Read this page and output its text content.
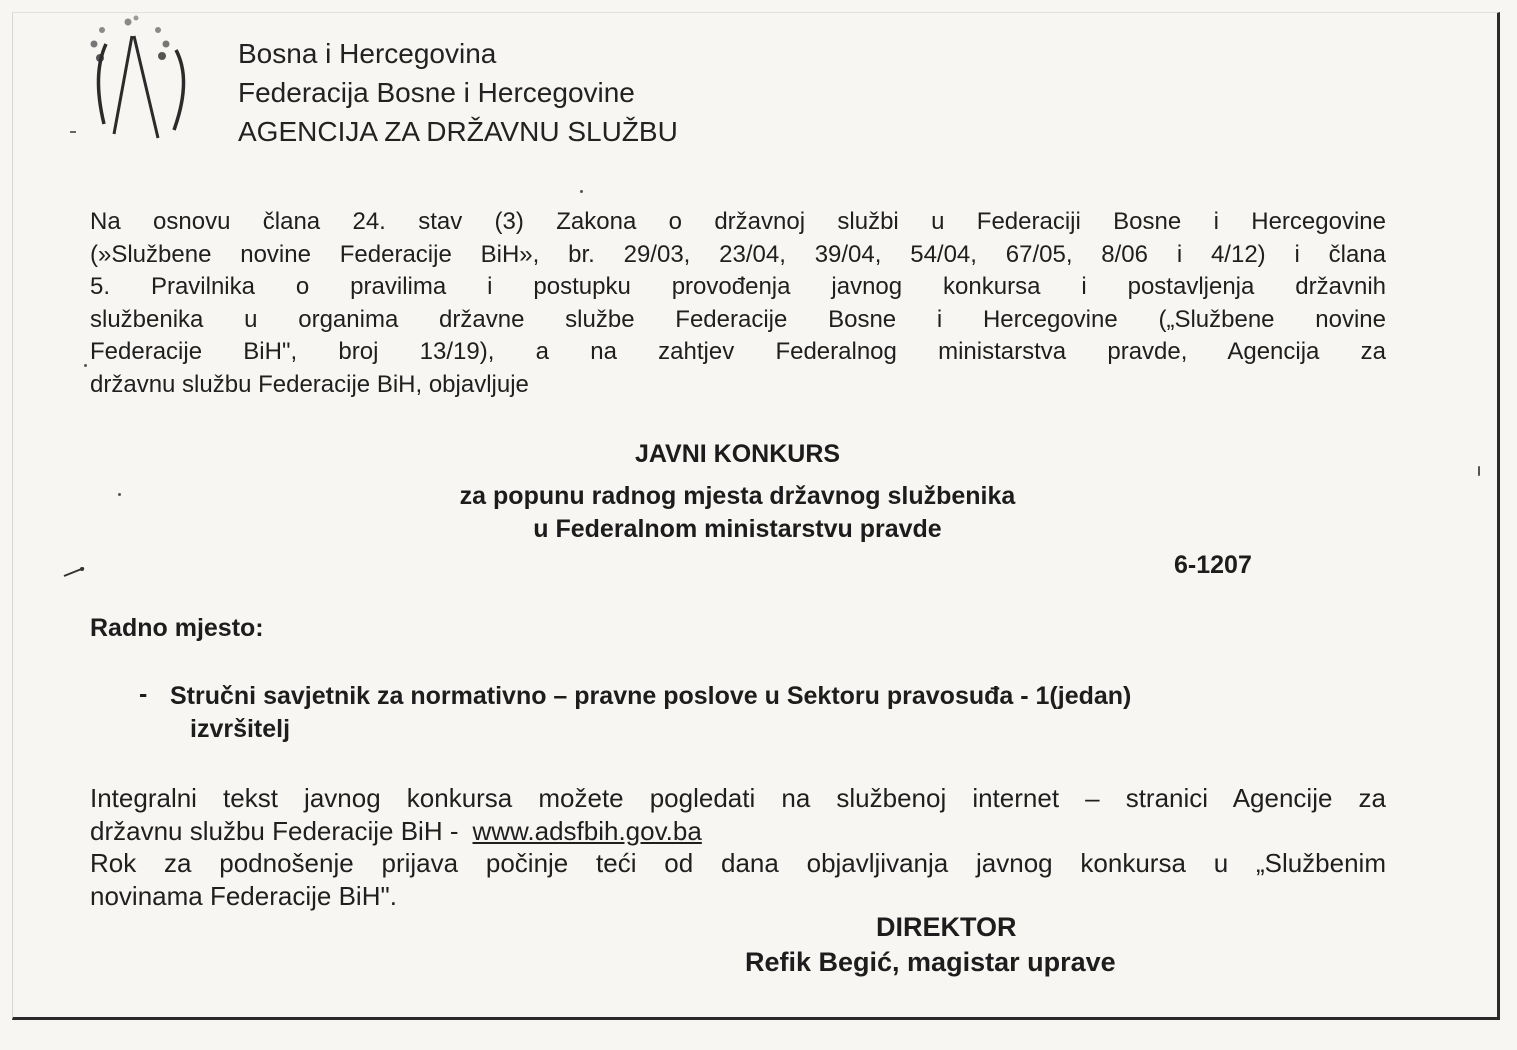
Bosna i Hercegovina
Federacija Bosne i Hercegovine
AGENCIJA ZA DRŽAVNU SLUŽBU
Na osnovu člana 24. stav (3) Zakona o državnoj službi u Federaciji Bosne i Hercegovine
(»Službene novine Federacije BiH», br. 29/03, 23/04, 39/04, 54/04, 67/05, 8/06 i 4/12) i člana
5. Pravilnika o pravilima i postupku provođenja javnog konkursa i postavljenja državnih
službenika u organima državne službe Federacije Bosne i Hercegovine („Službene novine
Federacije BiH", broj 13/19), a na zahtjev Federalnog ministarstva pravde, Agencija za
državnu službu Federacije BiH, objavljuje
JAVNI KONKURS
za popunu radnog mjesta državnog službenika
u Federalnom ministarstvu pravde
6-1207
Radno mjesto:
- Stručni savjetnik za normativno – pravne poslove u Sektoru pravosuđa - 1(jedan)
izvršitelj
Integralni tekst javnog konkursa možete pogledati na službenoj internet – stranici Agencije za
državnu službu Federacije BiH - www.adsfbih.gov.ba
Rok za podnošenje prijava počinje teći od dana objavljivanja javnog konkursa u „Službenim
novinama Federacije BiH".
DIREKTOR
Refik Begić, magistar uprave
